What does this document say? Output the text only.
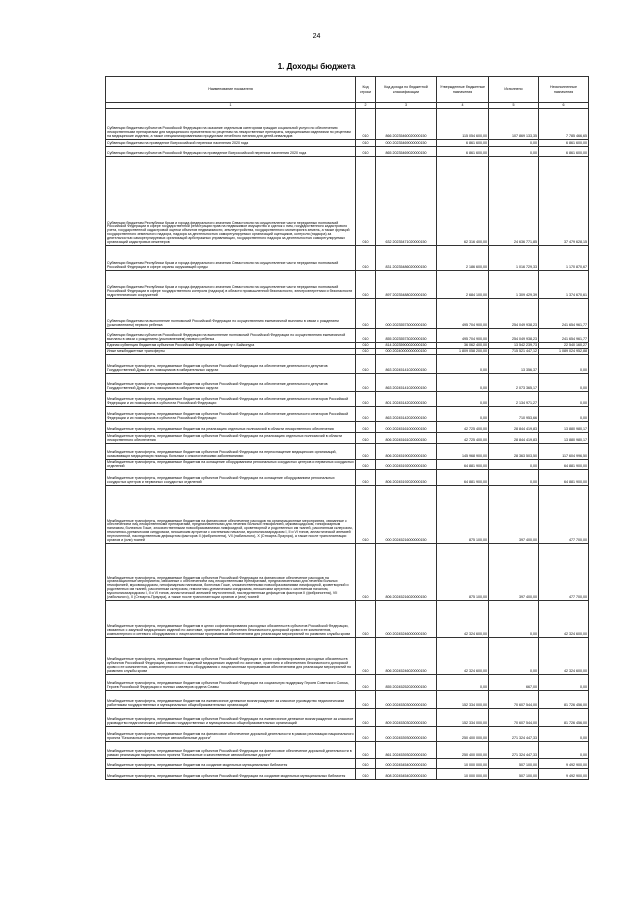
24
1. Доходы бюджета
Наименование показателя	Код строки	Код дохода по бюджетной классификации	Утвержденные бюджетные назначения	Исполнено	Неисполненные назначения
1	2	3	4	5	6
Субвенции бюджетам субъектов Российской Федерации на оказание отдельным категориям граждан социальной услуги по обеспечению лекарственными препаратами для медицинского применения по рецептам на лекарственные препараты, медицинскими изделиями по рецептам на медицинские изделия, а также специализированными продуктами лечебного питания для детей-инвалидов	010	866 20235460020000150	115 054 600,00	107 869 133,35	7 785 466,65
Субвенции бюджетам на проведение Всероссийской переписи населения 2020 года	010	000 20235469000000150	6 861 600,00	0,00	6 861 600,00
Субвенции бюджетам субъектов Российской Федерации на проведение Всероссийской переписи населения 2020 года	010	865 20235469020000150	6 861 600,00	0,00	6 861 600,00
Субвенции бюджетам Республики Крым и города федерального значения Севастополя на осуществление части переданных полномочий Российской Федерации в сфере государственной регистрации прав на недвижимое имущество и сделок с ним, государственного кадастрового учета, государственной кадастровой оценки объектов недвижимости, землеустройства, государственного мониторинга земель, а также функций государственного земельного надзора, надзора за деятельностью саморегулируемых организаций оценщиков, контроля (надзора) за деятельностью саморегулируемых организаций арбитражных управляющих, государственного надзора за деятельностью саморегулируемых организаций кадастровых инженеров	010	632 20235471020000150	62 316 400,00	24 636 771,85	37 479 628,15
Субвенции бюджетам Республики Крым и города федерального значения Севастополя на осуществление части переданных полномочий Российской Федерации в сфере охраны окружающей среды	010	831 20235486020000150	2 186 600,00	1 016 729,33	1 170 870,67
Субвенции бюджетам Республики Крым и города федерального значения Севастополя на осуществление части переданных полномочий Российской Федерации в сфере государственного контроля (надзора) в области промышленной безопасности, электроэнергетики и безопасности гидротехнических сооружений	010	897 20235488020000150	2 684 100,00	1 309 429,39	1 374 670,61
Субвенции бюджетам на выполнение полномочий Российской Федерации по осуществлению ежемесячной выплаты в связи с рождением (усыновлением) первого ребенка	010	000 20235573000000150	495 704 900,00	254 049 938,23	241 654 961,77
Субвенции бюджетам субъектов Российской Федерации на выполнение полномочий Российской Федерации по осуществлению ежемесячной выплаты в связи с рождением (усыновлением) первого ребенка	010	855 20235573020000150	495 704 900,00	254 049 938,23	241 654 961,77
Единая субвенция бюджетам субъектов Российской Федерации и бюджету г. Байконура	010	814 20235900020000150	36 062 400,00	13 542 239,73	22 540 160,27
Иные межбюджетные трансферты	010	000 20240000000000150	1 809 058 200,00	715 521 447,12	1 089 024 952,88
Межбюджетные трансферты, передаваемые бюджетам субъектов Российской Федерации на обеспечение деятельности депутатов Государственной Думы и их помощников в избирательных округах	010	863 20245141020000150	0,00	13 356,37	0,00
Межбюджетные трансферты, передаваемые бюджетам субъектов Российской Федерации на обеспечение деятельности депутатов Государственной Думы и их помощников в избирательных округах	010	863 20245141020000150	0,00	2 073 365,17	0,00
Межбюджетные трансферты, передаваемые бюджетам субъектов Российской Федерации на обеспечение деятельности сенаторов Российской Федерации и их помощников в субъектах Российской Федерации	010	801 20245142020000150	0,00	2 134 971,27	0,00
Межбюджетные трансферты, передаваемые бюджетам субъектов Российской Федерации на обеспечение деятельности сенаторов Российской Федерации и их помощников в субъектах Российской Федерации	010	863 20245142020000150	0,00	710 953,66	0,00
Межбюджетные трансферты, передаваемые бюджетам на реализацию отдельных полномочий в области лекарственного обеспечения	010	000 20245161000000150	42 725 400,00	28 844 419,83	13 880 980,17
Межбюджетные трансферты, передаваемые бюджетам субъектов Российской Федерации на реализацию отдельных полномочий в области лекарственного обеспечения	010	806 20245161020000150	42 725 400,00	28 844 419,83	13 880 980,17
Межбюджетные трансферты, передаваемые бюджетам субъектов Российской Федерации на переоснащение медицинских организаций, оказывающих медицинскую помощь больным с онкологическими заболеваниями	010	806 20245190020000150	145 968 900,00	28 363 503,50	117 604 996,50
Межбюджетные трансферты, передаваемые бюджетам на оснащение оборудованием региональных сосудистых центров и первичных сосудистых отделений	010	000 20245192000000150	64 881 900,00	0,00	64 881 900,00
Межбюджетные трансферты, передаваемые бюджетам субъектов Российской Федерации на оснащение оборудованием региональных сосудистых центров и первичных сосудистых отделений	010	806 20245192020000150	64 881 900,00	0,00	64 881 900,00
Межбюджетные трансферты, передаваемые бюджетам на финансовое обеспечение расходов на организационные мероприятия, связанные с обеспечением лиц лекарственными препаратами, предназначенными для лечения больных гемофилией, муковисцидозом, гипофизарным нанизмом, болезнью Гоше, злокачественными новообразованиями лимфоидной, кроветворной и родственных им тканей, рассеянным склерозом, гемолитико-уремическим синдромом, юношеским артритом с системным началом, мукополисахаридозом I, II и VI типов, апластической анемией неуточненной, наследственным дефицитом факторов II (фибриногена), VII (лабильного), X (Стюарта-Прауэра), а также после трансплантации органов и (или) тканей	010	000 20245216000000150	875 100,00	397 400,00	477 700,00
Межбюджетные трансферты, передаваемые бюджетам субъектов Российской Федерации на финансовое обеспечение расходов на организационные мероприятия, связанные с обеспечением лиц лекарственными препаратами, предназначенными для лечения больных гемофилией, муковисцидозом, гипофизарным нанизмом, болезнью Гоше, злокачественными новообразованиями лимфоидной, кроветворной и родственных им тканей, рассеянным склерозом, гемолитико-уремическим синдромом, юношеским артритом с системным началом, мукополисахаридозом I, II и VI типов, апластической анемией неуточненной, наследственным дефицитом факторов II (фибриногена), VII (лабильного), X (Стюарта-Прауэра), а также после трансплантации органов и (или) тканей	010	806 20245216020000150	875 100,00	397 400,00	477 700,00
Межбюджетные трансферты, передаваемые бюджетам в целях софинансирования расходных обязательств субъектов Российской Федерации, связанных с закупкой медицинских изделий по заготовке, хранению и обеспечению безопасности донорской крови и ее компонентов, компьютерного и сетевого оборудования с лицензионным программным обеспечением для реализации мероприятий по развитию службы крови	010	000 20245246000000150	42 324 600,00	0,00	42 324 600,00
Межбюджетные трансферты, передаваемые бюджетам субъектов Российской Федерации в целях софинансирования расходных обязательств субъектов Российской Федерации, связанных с закупкой медицинских изделий по заготовке, хранению и обеспечению безопасности донорской крови и ее компонентов, компьютерного и сетевого оборудования с лицензионным программным обеспечением для реализации мероприятий по развитию службы крови	010	806 20245246020000150	42 324 600,00	0,00	42 324 600,00
Межбюджетные трансферты, передаваемые бюджетам субъектов Российской Федерации на социальную поддержку Героев Советского Союза, Героев Российской Федерации и полных кавалеров ордена Славы	010	855 20245252020000150	0,00	667,00	0,00
Межбюджетные трансферты, передаваемые бюджетам на ежемесячное денежное вознаграждение за классное руководство педагогическим работникам государственных и муниципальных общеобразовательных организаций	010	000 20245303000000150	152 334 000,00	70 607 544,00	81 726 456,00
Межбюджетные трансферты, передаваемые бюджетам субъектов Российской Федерации на ежемесячное денежное вознаграждение за классное руководство педагогическим работникам государственных и муниципальных общеобразовательных организаций	010	809 20245303020000150	152 334 000,00	70 607 544,00	81 726 456,00
Межбюджетные трансферты, передаваемые бюджетам на финансовое обеспечение дорожной деятельности в рамках реализации национального проекта "Безопасные и качественные автомобильные дороги"	010	000 20245393000000150	250 400 000,00	271 324 447,33	0,00
Межбюджетные трансферты, передаваемые бюджетам субъектов Российской Федерации на финансовое обеспечение дорожной деятельности в рамках реализации национального проекта "Безопасные и качественные автомобильные дороги"	010	861 20245393020000150	250 400 000,00	271 324 447,33	0,00
Межбюджетные трансферты, передаваемые бюджетам на создание модельных муниципальных библиотек	010	000 20245454000000150	10 000 000,00	507 100,00	9 492 900,00
Межбюджетные трансферты, передаваемые бюджетам субъектов Российской Федерации на создание модельных муниципальных библиотек	010	808 20245454020000150	10 000 000,00	507 100,00	9 492 900,00
